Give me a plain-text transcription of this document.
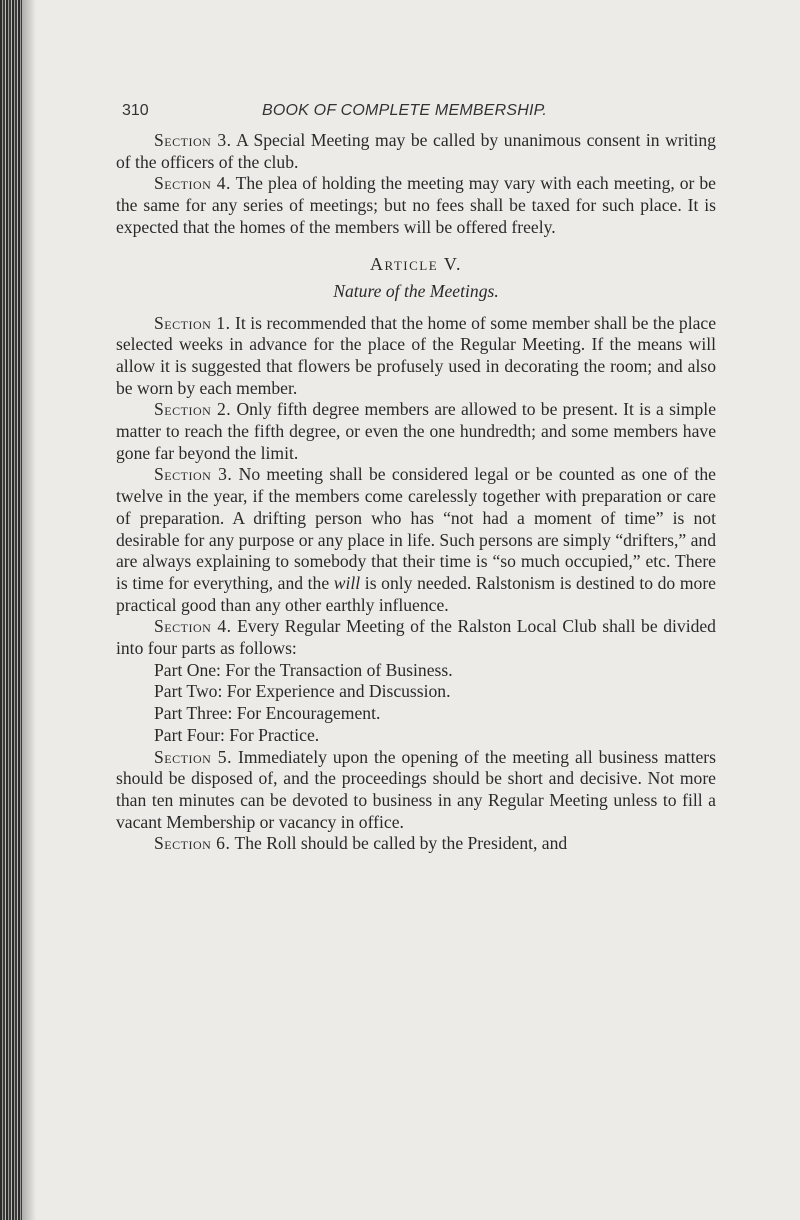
310	BOOK OF COMPLETE MEMBERSHIP.

Section 3. A Special Meeting may be called by unanimous consent in writing of the officers of the club.

Section 4. The plea of holding the meeting may vary with each meeting, or be the same for any series of meetings; but no fees shall be taxed for such place. It is expected that the homes of the members will be offered freely.

Article V.
Nature of the Meetings.

Section 1. It is recommended that the home of some member shall be the place selected weeks in advance for the place of the Regular Meeting. If the means will allow it is suggested that flowers be profusely used in decorating the room; and also be worn by each member.

Section 2. Only fifth degree members are allowed to be present. It is a simple matter to reach the fifth degree, or even the one hundredth; and some members have gone far beyond the limit.

Section 3. No meeting shall be considered legal or be counted as one of the twelve in the year, if the members come carelessly together with preparation or care of preparation. A drifting person who has “not had a moment of time” is not desirable for any purpose or any place in life. Such persons are simply “drifters,” and are always explaining to somebody that their time is “so much occupied,” etc. There is time for everything, and the will is only needed. Ralstonism is destined to do more practical good than any other earthly influence.

Section 4. Every Regular Meeting of the Ralston Local Club shall be divided into four parts as follows:

Part One: For the Transaction of Business.

Part Two: For Experience and Discussion.

Part Three: For Encouragement.

Part Four: For Practice.

Section 5. Immediately upon the opening of the meeting all business matters should be disposed of, and the proceedings should be short and decisive. Not more than ten minutes can be devoted to business in any Regular Meeting unless to fill a vacant Membership or vacancy in office.

Section 6. The Roll should be called by the President, and
